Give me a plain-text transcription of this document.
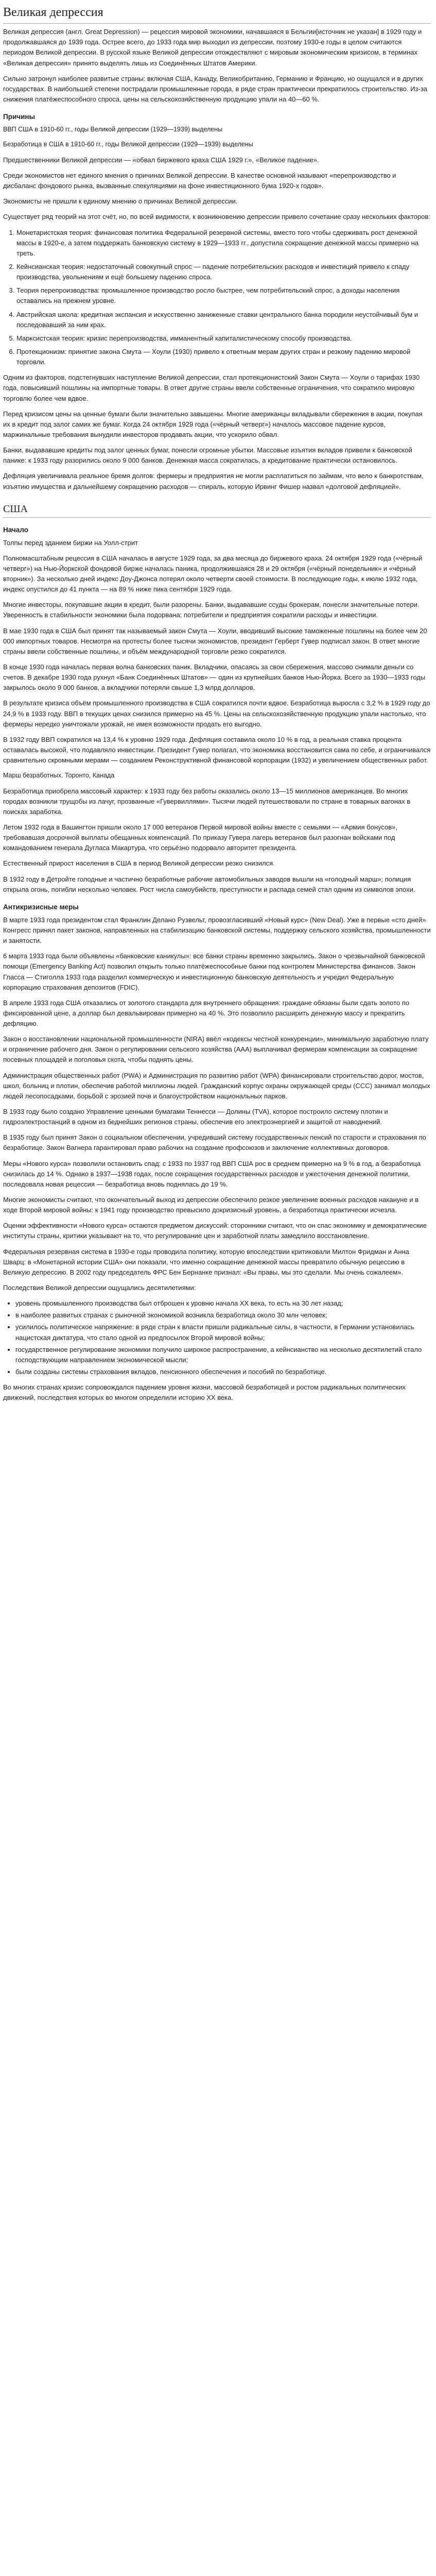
Великая депрессия

Великая депрессия (англ. Great Depression) — рецессия мировой экономики, начавшаяся в Бельгии[источник не указан] в 1929 году и продолжавшаяся до 1939 года. Острее всего, до 1933 года мир выходил из депрессии, поэтому 1930-е годы в целом считаются периодом Великой депрессии. В русской языке Великой депрессии отождествляют с мировым экономическим кризисом, в терминах «Великая депрессия» принято выделять лишь из Соединённых Штатов Америки.

Сильно затронул наиболее развитые страны: включая США, Канаду, Великобританию, Германию и Францию, но ощущался и в других государствах. В наибольшей степени пострадали промышленные города, в ряде стран практически прекратилось строительство. Из-за снижения платёжеспособного спроса, цены на сельскохозяйственную продукцию упали на 40—60 %.

Причины

ВВП США в 1910-60 гг., годы Великой депрессии (1929—1939) выделены

Безработица в США в 1910-60 гг., годы Великой депрессии (1929—1939) выделены

Предшественники Великой депрессии — «обвал биржевого краха США 1929 г.», «Великое падение».

Среди экономистов нет единого мнения о причинах Великой депрессии. В качестве основной называют «перепроизводство и дисбаланс фондового рынка, вызванные спекуляциями на фоне инвестиционного бума 1920-х годов».

Экономисты не пришли к единому мнению о причинах Великой депрессии.

Существует ряд теорий на этот счёт, но, по всей видимости, к возникновению депрессии привело сочетание сразу нескольких факторов:

1. Монетаристская теория: финансовая политика Федеральной резервной системы, вместо того чтобы сдерживать рост денежной массы в 1920-е, а затем поддержать банковскую систему в 1929—1933 гг., допустила сокращение денежной массы примерно на треть.
2. Кейнсианская теория: недостаточный совокупный спрос — падение потребительских расходов и инвестиций привело к спаду производства, увольнениям и ещё большему падению спроса.
3. Теория перепроизводства: промышленное производство росло быстрее, чем потребительский спрос, а доходы населения оставались на прежнем уровне.
4. Австрийская школа: кредитная экспансия и искусственно заниженные ставки центрального банка породили неустойчивый бум и последовавший за ним крах.
5. Марксистская теория: кризис перепроизводства, имманентный капиталистическому способу производства.
6. Протекционизм: принятие закона Смута — Хоули (1930) привело к ответным мерам других стран и резкому падению мировой торговли.

Одним из факторов, подстегнувших наступление Великой депрессии, стал протекционистский Закон Смута — Хоули о тарифах 1930 года, повысивший пошлины на импортные товары. В ответ другие страны ввели собственные ограничения, что сократило мировую торговлю более чем вдвое.

Перед кризисом цены на ценные бумаги были значительно завышены. Многие американцы вкладывали сбережения в акции, покупая их в кредит под залог самих же бумаг. Когда 24 октября 1929 года («чёрный четверг») началось массовое падение курсов, маржинальные требования вынудили инвесторов продавать акции, что ускорило обвал.

Банки, выдававшие кредиты под залог ценных бумаг, понесли огромные убытки. Массовые изъятия вкладов привели к банковской панике: к 1933 году разорились около 9 000 банков. Денежная масса сократилась, а кредитование практически остановилось.

Дефляция увеличивала реальное бремя долгов: фермеры и предприятия не могли расплатиться по займам, что вело к банкротствам, изъятию имущества и дальнейшему сокращению расходов — спираль, которую Ирвинг Фишер назвал «долговой дефляцией».

США
Начало

Толпы перед зданием биржи на Уолл-стрит

Полномасштабным рецессия в США началась в августе 1929 года, за два месяца до биржевого краха. 24 октября 1929 года («чёрный четверг») на Нью-Йоркской фондовой бирже началась паника, продолжившаяся 28 и 29 октября («чёрный понедельник» и «чёрный вторник»). За несколько дней индекс Доу-Джонса потерял около четверти своей стоимости. В последующие годы, к июлю 1932 года, индекс опустился до 41 пункта — на 89 % ниже пика сентября 1929 года.

Многие инвесторы, покупавшие акции в кредит, были разорены. Банки, выдававшие ссуды брокерам, понесли значительные потери. Уверенность в стабильности экономики была подорвана; потребители и предприятия сократили расходы и инвестиции.

В мае 1930 года в США был принят так называемый закон Смута — Хоули, вводивший высокие таможенные пошлины на более чем 20 000 импортных товаров. Несмотря на протесты более тысячи экономистов, президент Герберт Гувер подписал закон. В ответ многие страны ввели собственные пошлины, и объём международной торговли резко сократился.

В конце 1930 года началась первая волна банковских паник. Вкладчики, опасаясь за свои сбережения, массово снимали деньги со счетов. В декабре 1930 года рухнул «Банк Соединённых Штатов» — один из крупнейших банков Нью-Йорка. Всего за 1930—1933 годы закрылось около 9 000 банков, а вкладчики потеряли свыше 1,3 млрд долларов.

В результате кризиса объём промышленного производства в США сократился почти вдвое. Безработица выросла с 3,2 % в 1929 году до 24,9 % в 1933 году. ВВП в текущих ценах снизился примерно на 45 %. Цены на сельскохозяйственную продукцию упали настолько, что фермеры нередко уничтожали урожай, не имея возможности продать его выгодно.

В 1932 году ВВП сократился на 13,4 % к уровню 1929 года. Дефляция составила около 10 % в год, а реальная ставка процента оставалась высокой, что подавляло инвестиции. Президент Гувер полагал, что экономика восстановится сама по себе, и ограничивался сравнительно скромными мерами — созданием Реконструктивной финансовой корпорации (1932) и увеличением общественных работ.

Марш безработных. Торонто, Канада

Безработица приобрела массовый характер: к 1933 году без работы оказались около 13—15 миллионов американцев. Во многих городах возникли трущобы из лачуг, прозванные «Гувервиллями». Тысячи людей путешествовали по стране в товарных вагонах в поисках заработка.

Летом 1932 года в Вашингтон пришли около 17 000 ветеранов Первой мировой войны вместе с семьями — «Армия бонусов», требовавшая досрочной выплаты обещанных компенсаций. По приказу Гувера лагерь ветеранов был разогнан войсками под командованием генерала Дугласа Макартура, что серьёзно подорвало авторитет президента.

Естественный прирост населения в США в период Великой депрессии резко снизился.

В 1932 году в Детройте голодные и частично безработные рабочие автомобильных заводов вышли на «голодный марш»; полиция открыла огонь, погибли несколько человек. Рост числа самоубийств, преступности и распада семей стал одним из символов эпохи.

Антикризисные меры

В марте 1933 года президентом стал Франклин Делано Рузвельт, провозгласивший «Новый курс» (New Deal). Уже в первые «сто дней» Конгресс принял пакет законов, направленных на стабилизацию банковской системы, поддержку сельского хозяйства, промышленности и занятости.

6 марта 1933 года были объявлены «банковские каникулы»: все банки страны временно закрылись. Закон о чрезвычайной банковской помощи (Emergency Banking Act) позволил открыть только платёжеспособные банки под контролем Министерства финансов. Закон Гласса — Стиголла 1933 года разделил коммерческую и инвестиционную банковскую деятельность и учредил Федеральную корпорацию страхования депозитов (FDIC).

В апреле 1933 года США отказались от золотого стандарта для внутреннего обращения: граждане обязаны были сдать золото по фиксированной цене, а доллар был девальвирован примерно на 40 %. Это позволило расширить денежную массу и прекратить дефляцию.

Закон о восстановлении национальной промышленности (NIRA) ввёл «кодексы честной конкуренции», минимальную заработную плату и ограничение рабочего дня. Закон о регулировании сельского хозяйства (AAA) выплачивал фермерам компенсации за сокращение посевных площадей и поголовья скота, чтобы поднять цены.

Администрация общественных работ (PWA) и Администрация по развитию работ (WPA) финансировали строительство дорог, мостов, школ, больниц и плотин, обеспечив работой миллионы людей. Гражданский корпус охраны окружающей среды (CCC) занимал молодых людей лесопосадками, борьбой с эрозией почв и благоустройством национальных парков.

В 1933 году было создано Управление ценными бумагами Теннесси — Долины (TVA), которое построило систему плотин и гидроэлектростанций в одном из беднейших регионов страны, обеспечив его электроэнергией и защитой от наводнений.

В 1935 году был принят Закон о социальном обеспечении, учредивший систему государственных пенсий по старости и страхования по безработице. Закон Вагнера гарантировал право рабочих на создание профсоюзов и заключение коллективных договоров.

Меры «Нового курса» позволили остановить спад: с 1933 по 1937 год ВВП США рос в среднем примерно на 9 % в год, а безработица снизилась до 14 %. Однако в 1937—1938 годах, после сокращения государственных расходов и ужесточения денежной политики, последовала новая рецессия — безработица вновь поднялась до 19 %.

Многие экономисты считают, что окончательный выход из депрессии обеспечило резкое увеличение военных расходов накануне и в ходе Второй мировой войны: к 1941 году производство превысило докризисный уровень, а безработица практически исчезла.

Оценки эффективности «Нового курса» остаются предметом дискуссий: сторонники считают, что он спас экономику и демократические институты страны, критики указывают на то, что регулирование цен и заработной платы замедлило восстановление.

Федеральная резервная система в 1930-е годы проводила политику, которую впоследствии критиковали Милтон Фридман и Анна Шварц: в «Монетарной истории США» они показали, что именно сокращение денежной массы превратило обычную рецессию в Великую депрессию. В 2002 году председатель ФРС Бен Бернанке признал: «Вы правы, мы это сделали. Мы очень сожалеем».

Последствия Великой депрессии ощущались десятилетиями:

• уровень промышленного производства был отброшен к уровню начала XX века, то есть на 30 лет назад;
• в наиболее развитых странах с рыночной экономикой возникла безработица около 30 млн человек;
• усилилось политическое напряжение: в ряде стран к власти пришли радикальные силы, в частности, в Германии установилась нацистская диктатура, что стало одной из предпосылок Второй мировой войны;
• государственное регулирование экономики получило широкое распространение, а кейнсианство на несколько десятилетий стало господствующим направлением экономической мысли;
• были созданы системы страхования вкладов, пенсионного обеспечения и пособий по безработице.

Во многих странах кризис сопровождался падением уровня жизни, массовой безработицей и ростом радикальных политических движений, последствия которых во многом определили историю XX века.
